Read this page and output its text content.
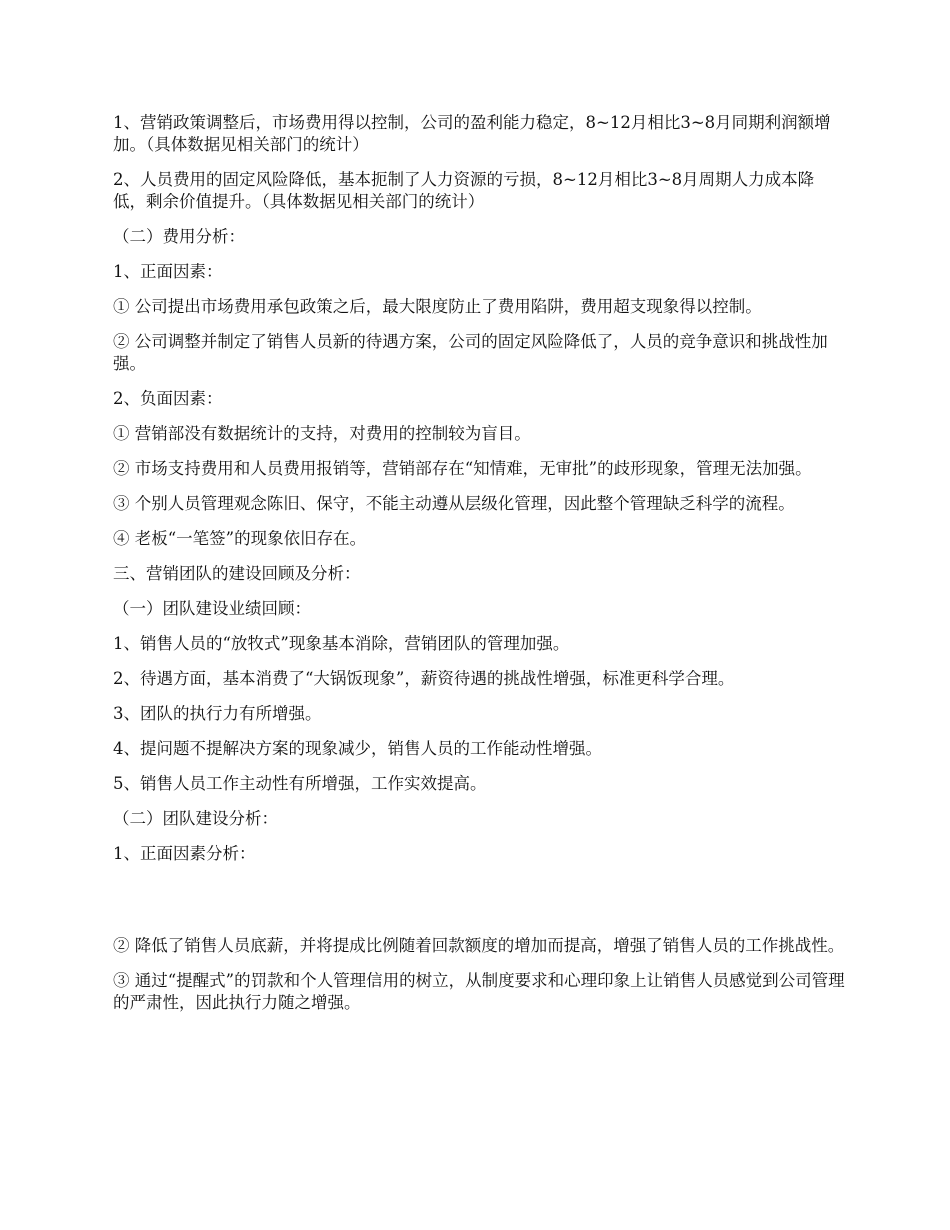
1、营销政策调整后，市场费用得以控制，公司的盈利能力稳定，8~12月相比3~8月同期利润额增加。（具体数据见相关部门的统计）

2、人员费用的固定风险降低，基本扼制了人力资源的亏损，8~12月相比3~8月周期人力成本降低，剩余价值提升。（具体数据见相关部门的统计）

（二）费用分析：

1、正面因素：

① 公司提出市场费用承包政策之后，最大限度防止了费用陷阱，费用超支现象得以控制。

② 公司调整并制定了销售人员新的待遇方案，公司的固定风险降低了，人员的竞争意识和挑战性加强。

2、负面因素：

① 营销部没有数据统计的支持，对费用的控制较为盲目。

② 市场支持费用和人员费用报销等，营销部存在“知情难，无审批”的歧形现象，管理无法加强。

③ 个别人员管理观念陈旧、保守，不能主动遵从层级化管理，因此整个管理缺乏科学的流程。

④ 老板“一笔签”的现象依旧存在。

三、营销团队的建设回顾及分析：

（一）团队建设业绩回顾：

1、销售人员的“放牧式”现象基本消除，营销团队的管理加强。

2、待遇方面，基本消费了“大锅饭现象”，薪资待遇的挑战性增强，标准更科学合理。

3、团队的执行力有所增强。

4、提问题不提解决方案的现象减少，销售人员的工作能动性增强。

5、销售人员工作主动性有所增强，工作实效提高。

（二）团队建设分析：

1、正面因素分析：

② 降低了销售人员底薪，并将提成比例随着回款额度的增加而提高，增强了销售人员的工作挑战性。

③ 通过“提醒式”的罚款和个人管理信用的树立，从制度要求和心理印象上让销售人员感觉到公司管理的严肃性，因此执行力随之增强。
